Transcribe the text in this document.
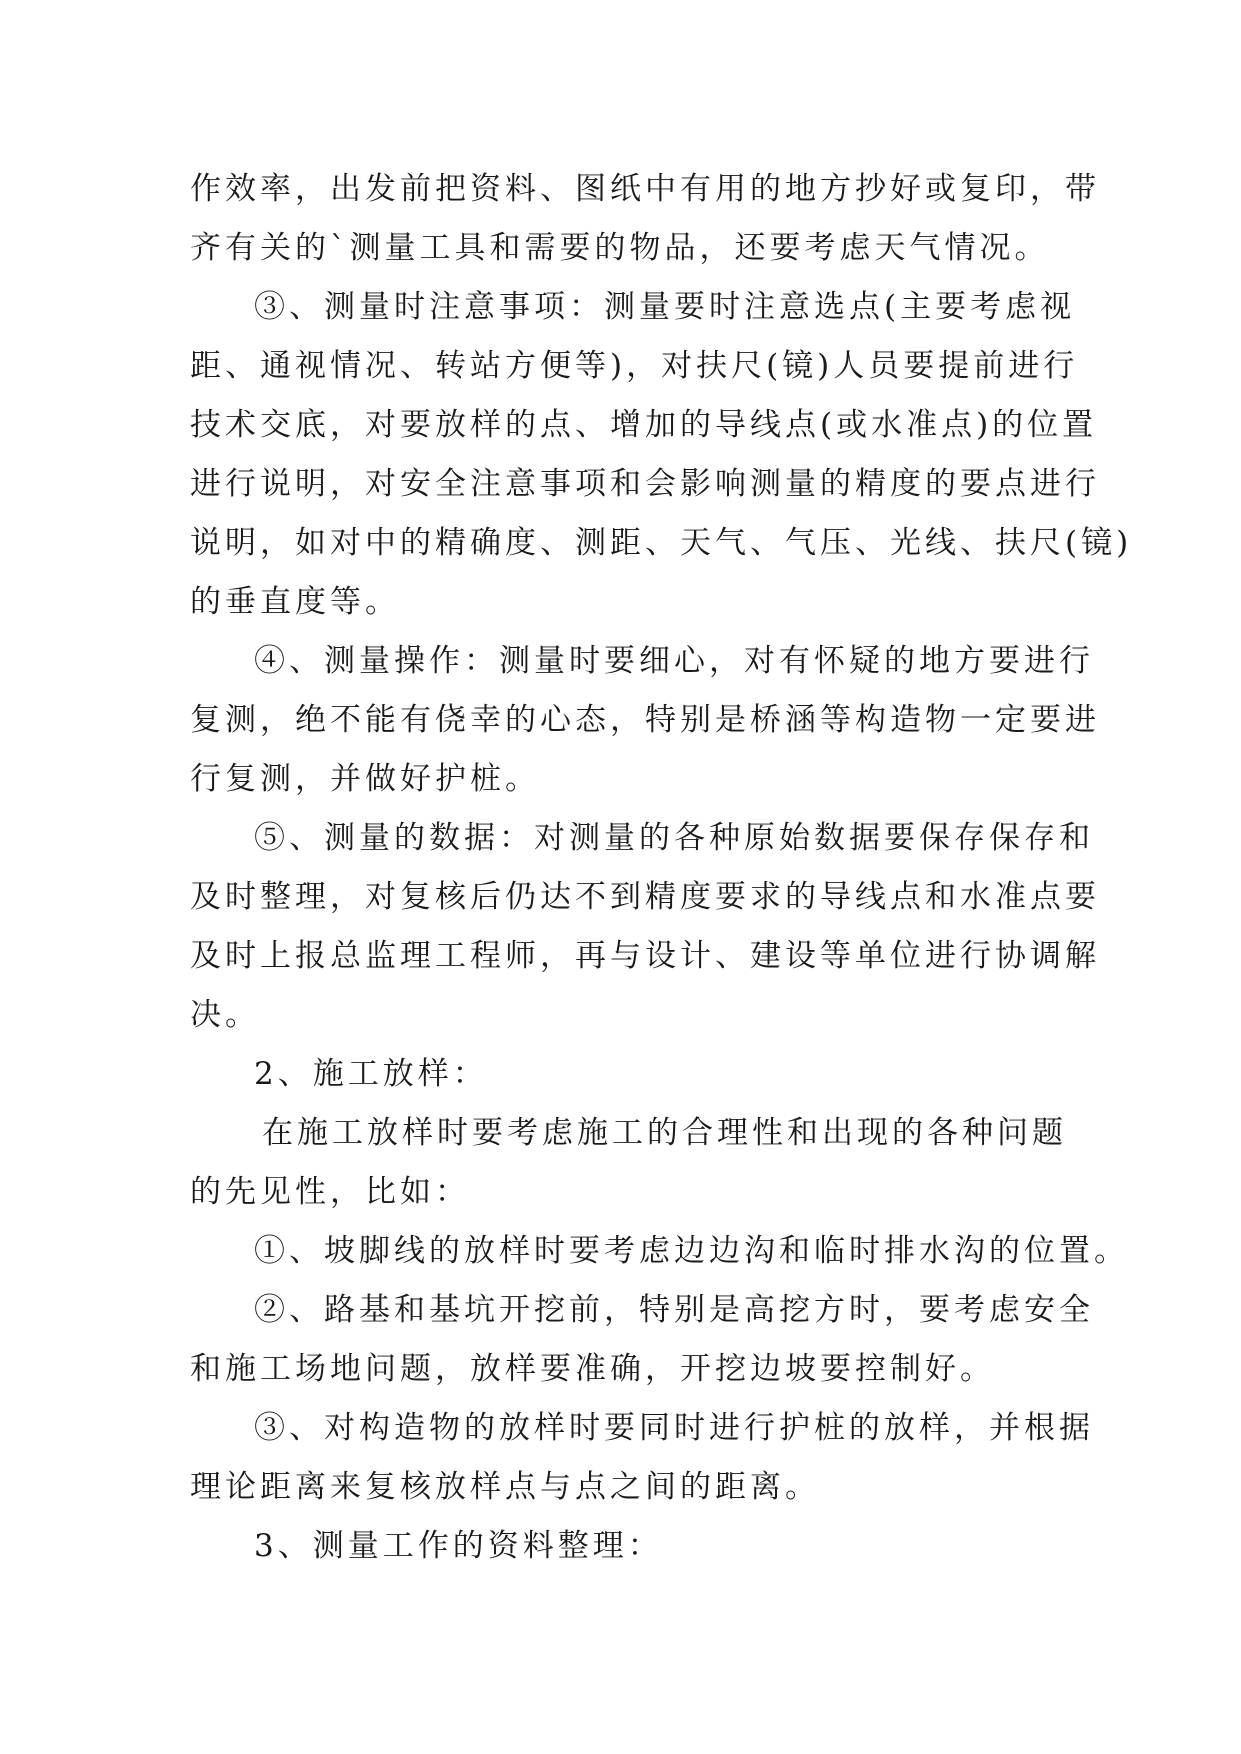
作效率，出发前把资料、图纸中有用的地方抄好或复印，带
齐有关的`测量工具和需要的物品，还要考虑天气情况。
③、测量时注意事项：测量要时注意选点(主要考虑视
距、通视情况、转站方便等)，对扶尺(镜)人员要提前进行
技术交底，对要放样的点、增加的导线点(或水准点)的位置
进行说明，对安全注意事项和会影响测量的精度的要点进行
说明，如对中的精确度、测距、天气、气压、光线、扶尺(镜)
的垂直度等。
④、测量操作：测量时要细心，对有怀疑的地方要进行
复测，绝不能有侥幸的心态，特别是桥涵等构造物一定要进
行复测，并做好护桩。
⑤、测量的数据：对测量的各种原始数据要保存保存和
及时整理，对复核后仍达不到精度要求的导线点和水准点要
及时上报总监理工程师，再与设计、建设等单位进行协调解
决。
2、施工放样：
在施工放样时要考虑施工的合理性和出现的各种问题
的先见性，比如：
①、坡脚线的放样时要考虑边边沟和临时排水沟的位置。
②、路基和基坑开挖前，特别是高挖方时，要考虑安全
和施工场地问题，放样要准确，开挖边坡要控制好。
③、对构造物的放样时要同时进行护桩的放样，并根据
理论距离来复核放样点与点之间的距离。
3、测量工作的资料整理：
